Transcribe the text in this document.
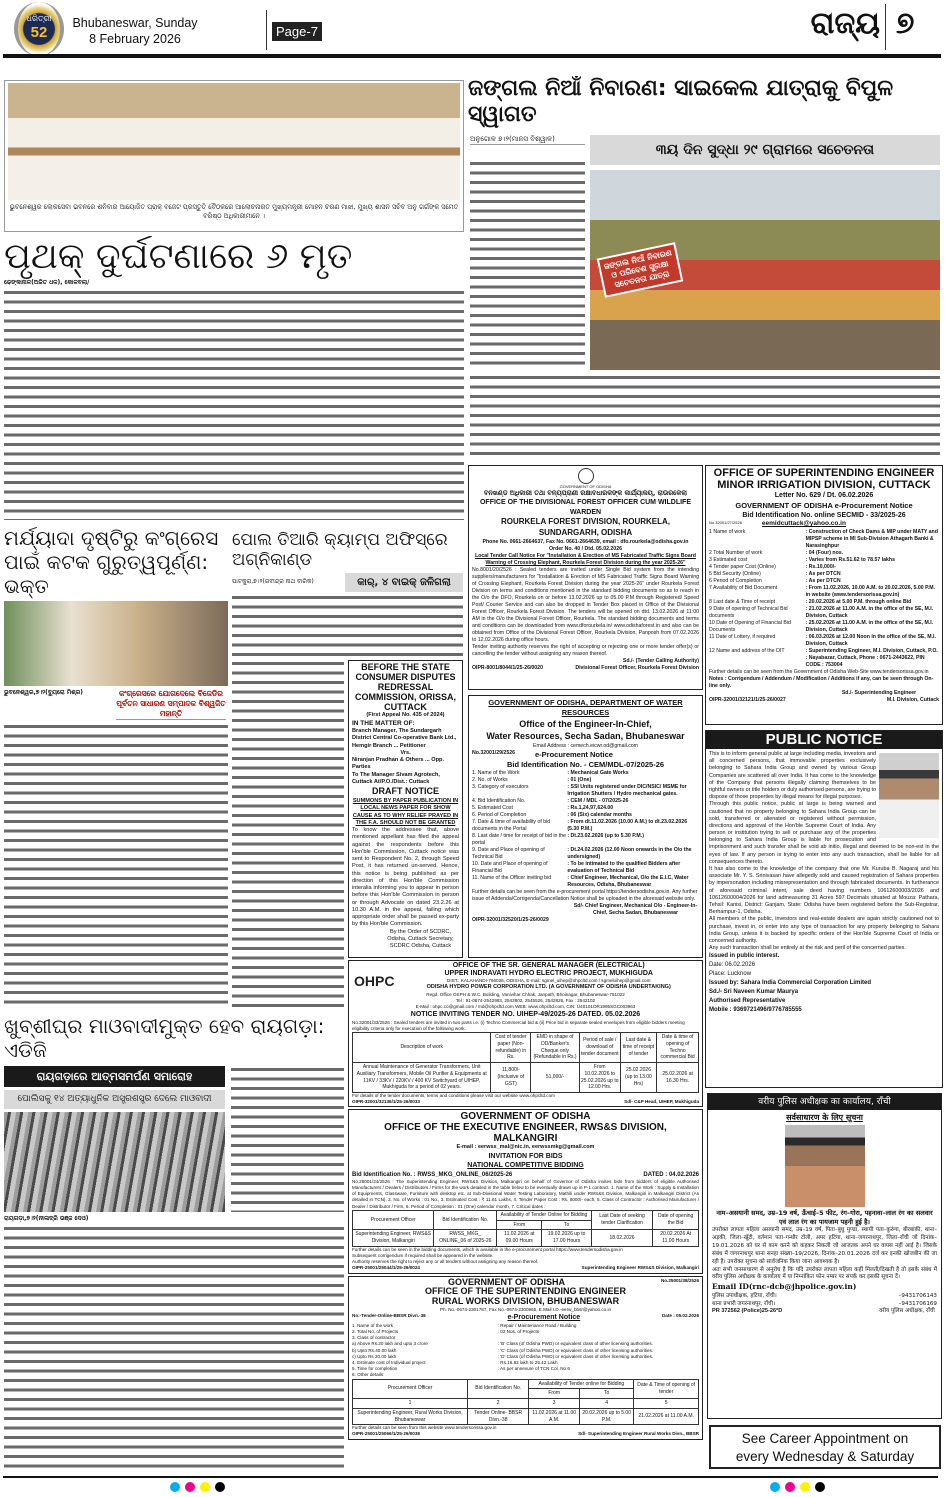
ଧରିତ୍ରୀ
52
Bhubaneswar, Sunday
8 February 2026	Page-7	ରାଜ୍ୟ ୭
ଭୁବନେଶ୍ୱର ଲୋକସେବା ଭବନରେ ଶନିବାର ଆୟୋଜିତ ପ୍ରାକ୍ ବଜେଟ ପ୍ରସ୍ତୁତି ବୈଠକରେ ଆଲୋଚନାରତ ମୁଖ୍ୟମନ୍ତ୍ରୀ ମୋହନ ଚରଣ ମାଝୀ, ମୁଖ୍ୟ ଶାସନ ସଚିବ ଅନୁ ଗର୍ଗଙ୍କ ସମେତ ବରିଷ୍ଠ ଅଧିକାରୀମାନେ ।
ପୃଥକ୍ ଦୁର୍ଘଟଣାରେ ୬ ମୃତ
ଢେଙ୍କାନାଳ(ଅଜିତ ଧଳ), କୋଳବଲା/
ଜଙ୍ଗଲ ନିଆଁ ନିବାରଣ: ସାଇକେଲ ଯାତ୍ରାକୁ ବିପୁଳ ସ୍ୱାଗତ
ଅନୁଗୋଳ ୭।୨(ମାନସ ବିଶ୍ୱାଳ)
୩ୟ ଦିନ ସୁଦ୍ଧା ୨୯ ଗ୍ରାମରେ ସଚେତନତା
ଜଙ୍ଗଲ ନିଆଁ ନିବାରଣ ଓ ପରିବେଶ ସୁରକ୍ଷା ସଚେତନତା ଯାତ୍ରା
ମର୍ଯ୍ୟାଦା ଦୃଷ୍ଟିରୁ କଂଗ୍ରେସ ପାଇଁ କଟକ ଗୁରୁତ୍ୱପୂର୍ଣ୍ଣ: ଭକ୍ତ
ଭୁବନେଶ୍ୱର,୭।୨(ବ୍ୟୁରୋ ମିଶ୍ର)	କଂଗ୍ରେସରେ ଯୋଗଦେଲେ ବିଜେଡିର ପୂର୍ବତନ ସାଧାରଣ ସମ୍ପାଦକ ବିଶ୍ୱଜିତ ମହାନ୍ତି
ପୋଲ ତିଆରି କ୍ୟାମ୍ପ ଅଫିସ୍‌ରେ ଅଗ୍ନିକାଣ୍ଡ
ପାଟକୁରା,୭।୨(ରବୀନ୍ଦ୍ର ନାଥ ବାରିକ)	କାର୍, ୪ ବାଇକ୍ ଜଳିଗଲା
BEFORE THE STATE CONSUMER DISPUTES REDRESSAL COMMISSION, ORISSA, CUTTACK
(First Appeal No. 435 of 2024)
IN THE MATTER OF:
Branch Manager, The Sundargarh District Central Co-operative Bank Ltd., Hemgir Branch ... Petitioner
Vrs.
Niranjan Pradhan & Others ... Opp. Parties
To The Manager Sivam Agrotech, Cuttack At/P.O./Dist.: Cuttack
DRAFT NOTICE
SUMMONS BY PAPER PUBLICATION IN LOCAL NEWS PAPER FOR SHOW CAUSE AS TO WHY RELIEF PRAYED IN THE F.A. SHOULD NOT BE GRANTED
To know the addressee that, above mentioned appellant has filed the appeal against the respondents before this Hon'ble Commission, Cuttack notice was sent to Respondent No. 2, through Speed Post, it has returned un-served. Hence, this notice is being published as per direction of this Hon'ble Commission interalia informing you to appear in person before this Hon'ble Commission in person or through Advocate on dated 23.2.26 at 10.30 A.M. in the appeal, failing which appropriate order shall be passed ex-party by this Hon'ble Commission.
By the Order of SCDRC, Odisha, Cuttack Secretary, SCDRC Odisha, Cuttack
ଖୁବ୍‌ଶୀଘ୍ର ମାଓବାଦୀମୁକ୍ତ ହେବ ରାୟଗଡ଼ା: ଏଡିଜି
ରାୟଗଡ଼ାରେ ଆତ୍ମସମର୍ପଣ ସମାରୋହ
ପୋଲିସକୁ ୧୪ ଅତ୍ୟାଧୁନିକ ଅସ୍ତ୍ରଶସ୍ତ୍ର ଦେଲେ ମାଓବାଦୀ
ରାୟଗଡ଼ା,୭।୨(ନୀଳାଦ୍ରି ଭଞ୍ଜ ଦେଓ)
GOVERNMENT OF ODISHA
ବନଖଣ୍ଡ ଅଧିକାରୀ ତଥା ବନ୍ୟପ୍ରାଣୀ ରକ୍ଷାବଧାରକଙ୍କ କାର୍ଯ୍ୟାଳୟ, ରାଉରକେଲା
OFFICE OF THE DIVISIONAL FOREST OFFICER CUM WILDLIFE WARDEN
ROURKELA FOREST DIVISION, ROURKELA, SUNDARGARH, ODISHA
Phone No. 0661-2664637, Fax No. 0661-2664639, email : dfo.rourkela@odisha.gov.in
Order No. 40 / Dtd. 05.02.2026
Local Tender Call Notice For "Installation & Erection of MS Fabricated Traffic Signs Board Warning of Crossing Elephant, Rourkela Forest Division during the year 2025-26"
No.8001/20/2526 : Sealed tenders are invited under Single Bid system from the intending suppliers/manufacturers for "Installation & Erection of MS Fabricated Traffic Signs Board Warning of Crossing Elephant, Rourkela Forest Division during the year 2025-26" under Rourkela Forest Division on terms and conditions mentioned in the standard bidding documents so as to reach in the O/o the DFO, Rourkela on or before 13.02.2026 up to 05.00 P.M through Registered/ Speed Post/ Courier Service and can also be dropped in Tender Box placed in Office of the Divisional Forest Officer, Rourkela Forest Division. The tenders will be opened on dtd. 13.02.2026 at 11:00 AM in the O/o the Divisional Forest Officer, Rourkela. The standard bidding documents and terms and conditions can be downloaded from www.dforourkela.in/ www.odishaforest.in and also can be obtained from Office of the Divisional Forest Officer, Rourkela Division, Panposh from 07.02.2026 to 12.02.2026 during office hours.
Tender inviting authority reserves the right of accepting or rejecting one or more tender offer(s) or cancelling the tender without assigning any reason thereof.
Sd./- (Tender Calling Authority)
OIPR-8001/8044/1/25-26/0020	Divisional Forest Officer, Rourkela Forest Division
OFFICE OF SUPERINTENDING ENGINEER
MINOR IRRIGATION DIVISION, CUTTACK
Letter No. 629 / Dt. 06.02.2026
GOVERNMENT OF ODISHA e-Procurement Notice
Bid Identification No. online SECMID - 33/2025-26
No.32001/27/2526	eemidcuttack@yahoo.co.in
1 Name of work	: Construction of Check Dams & MIP under MATY and MIPSP scheme in MI Sub-Division Athagarh Banki & Narasinghpur
2 Total Number of work	: 04 (Four) nos.
3 Estimated cost	: Varies from Rs.51.62 to 78.57 lakhs
4 Tender paper Cost (Online)	: Rs.10,000/-
5 Bid Security (Online)	: As per DTCN
6 Period of Completion	: As per DTCN
7 Availability of Bid Document	: From 11.02.2026, 10.00 A.M. to 20.02.2026, 5.00 P.M. in website (www.tendersorissa.gov.in)
8 Last date & Time of receipt	: 20.02.2026 at 5.00 P.M. through online Bid
9 Date of opening of Technical Bid documents
: 21.02.2026 at 11.00 A.M. in the office of the SE, M.I. Division, Cuttack
10 Date of Opening of Financial Bid Documents
: 25.02.2026 at 11.00 A.M. in the office of the SE, M.I. Division, Cuttack
11 Date of Lottery, if required	: 06.03.2026 at 12.00 Noon in the office of the SE, M.I. Division, Cuttack
12 Name and address of the OIT	: Superintending Engineer, M.I. Division, Cuttack, P.O. : Nayabazar, Cuttack, Phone : 0671-2443622, PIN CODE : 753004
Further details can be seen from the Government of Odisha Web-Site www.tendersorissa.gov.in
Notes : Corrigendum / Addendum / Modification / Additions if any, can be seen through On-line only.
Sd./- Superintending Engineer
OIPR-32001/32121/1/25-26/0027	M.I. Division, Cuttack
GOVERNMENT OF ODISHA, DEPARTMENT OF WATER RESOURCES
Office of the Engineer-In-Chief,
Water Resources, Secha Sadan, Bhubaneswar
Email Address : cemech.eicwr.od@gmail.com
No.32001/29/2526	e-Procurement Notice
Bid Identification No. - CEM/MDL-07/2025-26
1. Name of the Work	: Mechanical Gate Works
2. No. of Works	: 01 (One)
3. Category of executors	: SSI Units registered under DIC/NSIC/ MSME for Irrigation Shutters / Hydro mechanical gates.
4. Bid Identification No.	: CEM / MDL - 07/2025-26
5. Estimated Cost	: Rs.1,24,97,624.00
6. Period of Completion	: 06 (Six) calendar months
7. Date & time of availability of bid documents in the Portal
: From dt.11.02.2026 (10.00 A.M.) to dt.23.02.2026 (5.30 P.M.)
8. Last date / time for receipt of bid in the portal
: Dt.23.02.2026 (up to 5.30 P.M.)
9. Date and Place of opening of Technical Bid
: Dt.24.02.2026 (12.00 Noon onwards in the O/o the undersigned)
10. Date and Place of opening of Financial Bid
: To be intimated to the qualified Bidders after evaluation of Technical Bid
11. Name of the Officer inviting bid	: Chief Engineer, Mechanical, O/o the E.I.C, Water Resources, Odisha, Bhubaneswar
Further details can be seen from the e-procurement portal https://tendersodisha.gov.in. Any further issue of Addenda/Corrigenda/Cancellation Notice shall be uploaded in the aforesaid website only.
Sd/- Chief Engineer, Mechanical O/o - Engineer-In-Chief, Secha Sadan, Bhubaneswar
OIPR-32001/32520/1/25-26/0029
PUBLIC NOTICE
This is to inform general public at large including media, investors and all concerned persons, that immovable properties exclusively belonging to Sahara India Group and owned by various Group Companies are scattered all over India. It has come to the knowledge of the Company that persons illegally claiming themselves to be rightful owners or title holders or duly authorised persons, are trying to dispose of those properties by illegal means for illegal purposes.
Through this public notice, public at large is being warned and cautioned that no property belonging to Sahara India Group can be sold, transferred or alienated or registered without permission, directions and approval of the Hon'ble Supreme Court of India. Any person or institution trying to sell or purchase any of the properties belonging to Sahara India Group is liable for prosecution and imprisonment and such transfer shall be void ab initio, illegal and deemed to be non-est in the eyes of law. If any person is trying to enter into any such transaction, shall be liable for all consequences thereto.
It has also come to the knowledge of the company that one Mr. Kuruba B. Nagaraj and his associate Mr. Y. S. Srinivasan have allegedly sold and caused registration of Sahara properties by impersonation including misrepresentation and through fabricated documents. In furtherance of aforesaid criminal intent, sale deed having numbers 10612600003/2026 and 10612600004/2026 for land admeasuring 31 Acres 597 Decimals situated at Mouza: Pathara, Tehsil: Kanisi, District: Ganjam, State: Odisha have been registered before the Sub-Registrar, Berhampur-1, Odisha.
All members of the public, investors and real-estate dealers are again strictly cautioned not to purchase, invest in, or enter into any type of transaction for any property belonging to Sahara India Group, unless it is backed by specific orders of the Hon'ble Supreme Court of India or concerned authority.
Any such transaction shall be entirely at the risk and peril of the concerned parties.
Issued in public interest.
Date: 06.02.2026
Place: Lucknow
Issued by: Sahara India Commercial Corporation Limited
Sd./- Sri Naveen Kumar Maurya
Authorised Representative
Mobile : 9369721496/9776785555
OHPC
OFFICE OF THE SR. GENERAL MANAGER (ELECTRICAL)
UPPER INDRAVATI HYDRO ELECTRIC PROJECT, MUKHIGUDA
DIST.: KALAHANDI-766026, ODISHA, E-mail: sgmel_uihep@ohpcltd.com / sgmeluihep@gmail.com
ODISHA HYDRO POWER CORPORATION LTD. (A GOVERNMENT OF ODISHA UNDERTAKING)
Regd. Office OSPH & W.C. Building, Vanivihar Chhak, Janpath, Bhoinagar, Bhubaneswar-751022
Tel : 91-0674-2542983, 2542802, 2545526, 2542826, Fax : 2542102
E-Mail : ohpc.co@gmail.com / md@ohpcltd.com WEB: www.ohpcltd.com, CIN: U40101OR1995SGC003963
NOTICE INVITING TENDER NO. UIHEP-49/2025-26 DATED. 05.02.2026
No.32001/33/2526 : Sealed tenders are invited in two parts i.e. (i) Techno Commercial bid & (ii) Price bid in separate sealed envelopes from eligible bidders meeting eligibility criteria only for execution of the following work.
Description of work	Cost of tender paper (Non-refundable) in Rs.	EMD in shape of DD/Banker's Cheque only (Refundable in Rs.)	Period of sale / download of tender document	Last date & time of receipt of tender	Date & time of opening of Techno commercial Bid
Annual Maintenance of Generator Transformers, Unit Auxiliary Transformers, Mobile Oil Purifier & Equipments at 11KV / 33KV / 220KV / 400 KV Switchyard of UIHEP, Mukhiguda for a period of 02 years.	11,800/- (Inclusive of GST)	51,000/-	From 10.02.2026 to 25.02.2026 up to 12.00 Hrs.	25.02.2026 (up to 13.00 Hrs)	25.02.2026 at 16.30 Hrs.
For details of the tender documents, terms and conditions please visit our website www.ohpcltd.com
OIPR-32001/32136/1/25-26/0033	Sd/- C&P Head, UIHEP, Mukhiguda
GOVERNMENT OF ODISHA
OFFICE OF THE EXECUTIVE ENGINEER, RWS&S DIVISION, MALKANGIRI
E-mail : eerwss_mal@nic.in, eerwssmkg@gmail.com
INVITATION FOR BIDS
NATIONAL COMPETITIVE BIDDING
Bid Identification No. : RWSS_MKG_ONLINE_06/2025-26	DATED : 04.02.2026
No.25001/24/2526 : The Superintending Engineer, RWS&S Division, Malkangiri on behalf of Governor of Odisha invites bids from bidders of eligible Authorised Manufacturers / Dealers / Distributors / Firms for the work detailed in the table below to be eventually drawn up in P-1 contract. 1. Name of the Work : Supply & Installation of Equipments, Glassware, Furniture with desktop etc. at Sub-Divisional Water Testing Laboratory, Mathili under RWS&S Division, Malkangiri in Malkangiri District (As detailed in TCN), 2. No. of Works : 01 No., 3. Estimated Cost : ₹ 11.61 Lakhs, 4. Tender Paper Cost : Rs. 6000/- each, 5. Class of Contractor : Authorised Manufacturer / Dealer / Distributor / Firm, 6. Period of Completion : 01 (One) calendar month, 7. Critical dates :
Procurement Officer	Bid Identification No.	Availability of Tender Online for Bidding		Last Date of seeking tender Clarification	Date of opening the Bid
		From	To		
Superintending Engineer, RWS&S Division, Malkangiri	RWSS_MKG_ ONLINE_06 of 2025-26	11.02.2026 at 09.00 Hours	19.02.2026 up to 17.00 Hours	18.02.2026	20.02.2026 At 11.00 Hours
Further details can be seen in the bidding documents, which is available in the e-procurement portal https://www.tendersodisha.gov.in
Subsequent corrigendum if required shall be appeared in the website.
Authority reserves the right to reject any or all tenders without assigning any reason thereof.
OIPR-25001/25044/1/25-26/0024	Superintending Engineer RWS&S Division, Malkangiri
No.25001/38/2526
GOVERNMENT OF ODISHA
OFFICE OF THE SUPERINTENDING ENGINEER
RURAL WORKS DIVISION, BHUBANESWAR
Ph. No.-0674-2301787, Fax No.-0674-2300965, E.Mail I.D.-eerw_bbsr@yahoo.co.in
No:-Tender-Online-BBSR Divn.-38	e-Procurement Notice	Date : 05.02.2026
1. Name of the work	: Repair / Maintenance Road / Building
2. Total No. of Projects	: 02 Nos. of Projects
3. Class of contractor
a) Above Rs.20 lakh and upto 3 crore	: 'B' Class (of Odisha PWD) or equivalent class of other licensing authorities.
b) Upto Rs.40.00 lakh	: 'C' Class (of Odisha PWD) or equivalent class of other licensing authorities.
c) Upto Rs 20.00 lakh	: 'D' Class (of Odisha PWD) or equivalent class of other licensing authorities.
4. Estimate cost of Individual project	: Rs.16.82 lakh to 25.42 Lakh
5. Time for completion	: As per annexure of TCN Col. No.6
6. Other details
Procurement Officer	Bid Identification No.	Availability of Tender online for Bidding		Date & Time of opening of tender
		From	To	
1	2	3	4	5
Superintending Engineer, Rural Works Division, Bhubaneswar	Tender Online- BBSR Divn.-38	11.02.2026 at 11.00 A.M.	20.02.2026 up to 5.00 P.M.	21.02.2026 at 11.00 A.M.
Further details can be seen from this website www.tendersorissa.gov.in
OIPR-25001/25066/1/25-26/0038	Sd/- Superintending Engineer Rural Works Divn., BBSR
वरीय पुलिस अधीक्षक का कार्यालय, राँची
सर्वसाधारण के लिए सूचना
नाम–असयानी समद, उम्र–19 वर्ष, ऊँचाई–5 फीट, रंग–गोरा, पहनावा–लाल रंग का सलवार एवं लाल रंग का पायजाम पहनी हुई है।
उपरोक्त लापता महिला असयानी समद, उम्र–19 वर्ष, पिता–बुधु मुण्डा, स्थायी पता–कुरुंगा, बीरबांकी, थाना–अड़की, जिला–खूँटी, वर्तमान पता–गन्धौर टोली, अपर हटिया, थाना–जगरनाथपुर, जिला–राँची जो दिनांक–19.01.2026 को घर से काम करने को कहकर निकली जो आजतक अपने घर वापस नहीं आई है। जिसके संबंध में जगरनाथपुर थाना सनहा संख्या–19/2026, दिनांक–20.01.2026 दर्ज कर इनकी खोजबीन की जा रही है। उपरोक्त सूचना को सार्वजनिक किया जाना आवश्यक है।
अतः सभी जनसाधारण से अनुरोध है कि यदि उपरोक्त लापता महिला कहीं मिलती/दिखती है तो इसके संबंध में वरीय पुलिस अधीक्षक के कार्यालय में या निम्नांकित फोन नम्बर पर संपर्क कर इसकी सूचना दें।
Email ID(rnc-dcb@jhpolice.gov.in)
पुलिस उपाधीक्षक, हटिया, राँची।	–9431706143
थाना प्रभारी जगरनाथपुर, राँची।	–9431706169
PR 372562 (Police)25-26*D	वरीय पुलिस अधीक्षक, राँची
See Career Appointment on every Wednesday & Saturday
